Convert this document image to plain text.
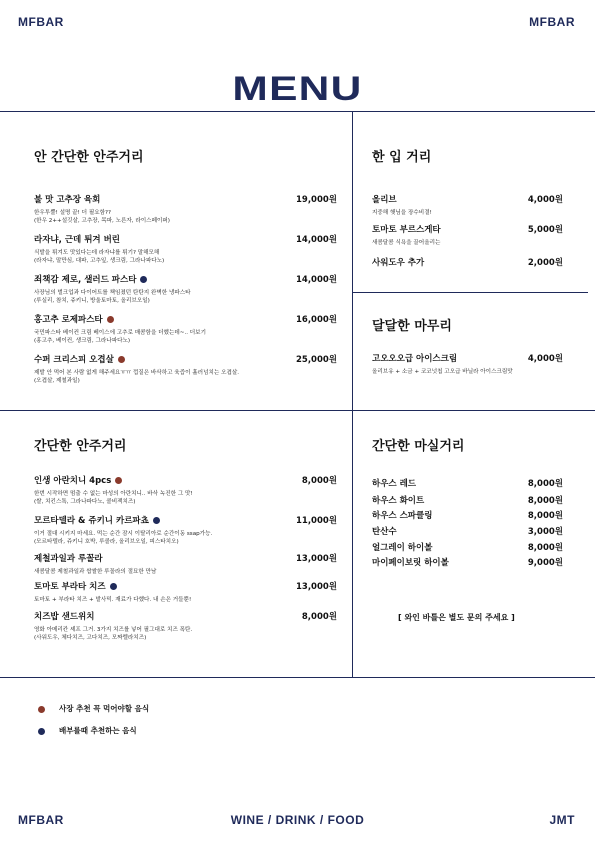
MFBAR	MFBAR
MENU
안 간단한 안주거리
불 맛 고추장 육회
한우투뿔! 설명 끝! 더 필요함??
(한우 2++설깃살, 고추장, 목파, 노른자, 라이스페이퍼)
19,000원
라자냐, 근데 튀겨 버린
식발을 튀겨도 맛있다는데 라자냐를 튀기? 말해모해
(라자냐, 말만심, 대파, 고추잎, 생크림, 그라나파다노)
14,000원
죄책감 제로, 샐러드 파스타
사장님의 벌크업과 다이어트를 책임졌던 탄탄지 완벽한 냉파스타
(루실리, 참치, 쥬키니, 방울토마토, 올리브오일)
14,000원
홍고추 로제파스타
국민파스타 베이컨 크림 베이스에 고추로 매콤함을 더했는데~.. 더보기
(홍고추, 베이컨, 생크림, 그라나파다노)
16,000원
수퍼 크리스피 오겹살
제발 안 먹어 본 사람 없게 해주세요ㅠㅠ 껍질은 바삭하고 육즙이 흘러넘치는 오겹살.
(오겹살, 제철과일)
25,000원
한 입 거리
올리브
지중해 햇님을 장수비결!
4,000원
토마토 부르스게타
새콤달콤 식욕을 끌어올리는
5,000원
사워도우 추가	2,000원
달달한 마무리
고오오오급 아이스크림
올리브유 + 소금 + 코코넛칩 고오급 바닐라 아이스크림맛
4,000원
간단한 안주거리
인생 아란치니 4pcs
한번 시작하면 멈출 수 없는 마성의 아란치니.. 바삭 녹진한 그 맛!
(쌀, 치킨스톡, 그라나파다노, 콜비잭치즈)
8,000원
모르타델라 & 쥬키니 카르파쵸
이거 절대 시키지 마세요. 먹는 순간 잠시 이탈리아로 순간이동 ssap가능.
(모르타델라, 쥬키니 호박, 루콜라, 올리브오일, 피스타치오)
11,000원
제철과일과 루꼴라
새콤달콤 제철과일과 쌉쌀한 루꼴라의 절묘한 만남
13,000원
토마토 부라타 치즈
토마토 + 부라타 치즈 + 발사믹. 재료가 다했다. 내 손은 거들뿐!
13,000원
치즈밥 샌드위치
영화 아메리칸 셰프 그거. 3가지 치즈를 넣어 필그대로 치즈 폭탄.
(사워도우, 체다치즈, 고다치즈, 모짜렐라치즈)
8,000원
간단한 마실거리
하우스 레드	8,000원
하우스 화이트	8,000원
하우스 스파클링	8,000원
탄산수	3,000원
얼그레이 하이볼	8,000원
마이페이보릿 하이볼	9,000원
[ 와인 바틀은 별도 문의 주세요 ]
사장 추천 꼭 먹어야할 음식
배부를때 추천하는 음식
MFBAR	WINE / DRINK / FOOD	JMT
